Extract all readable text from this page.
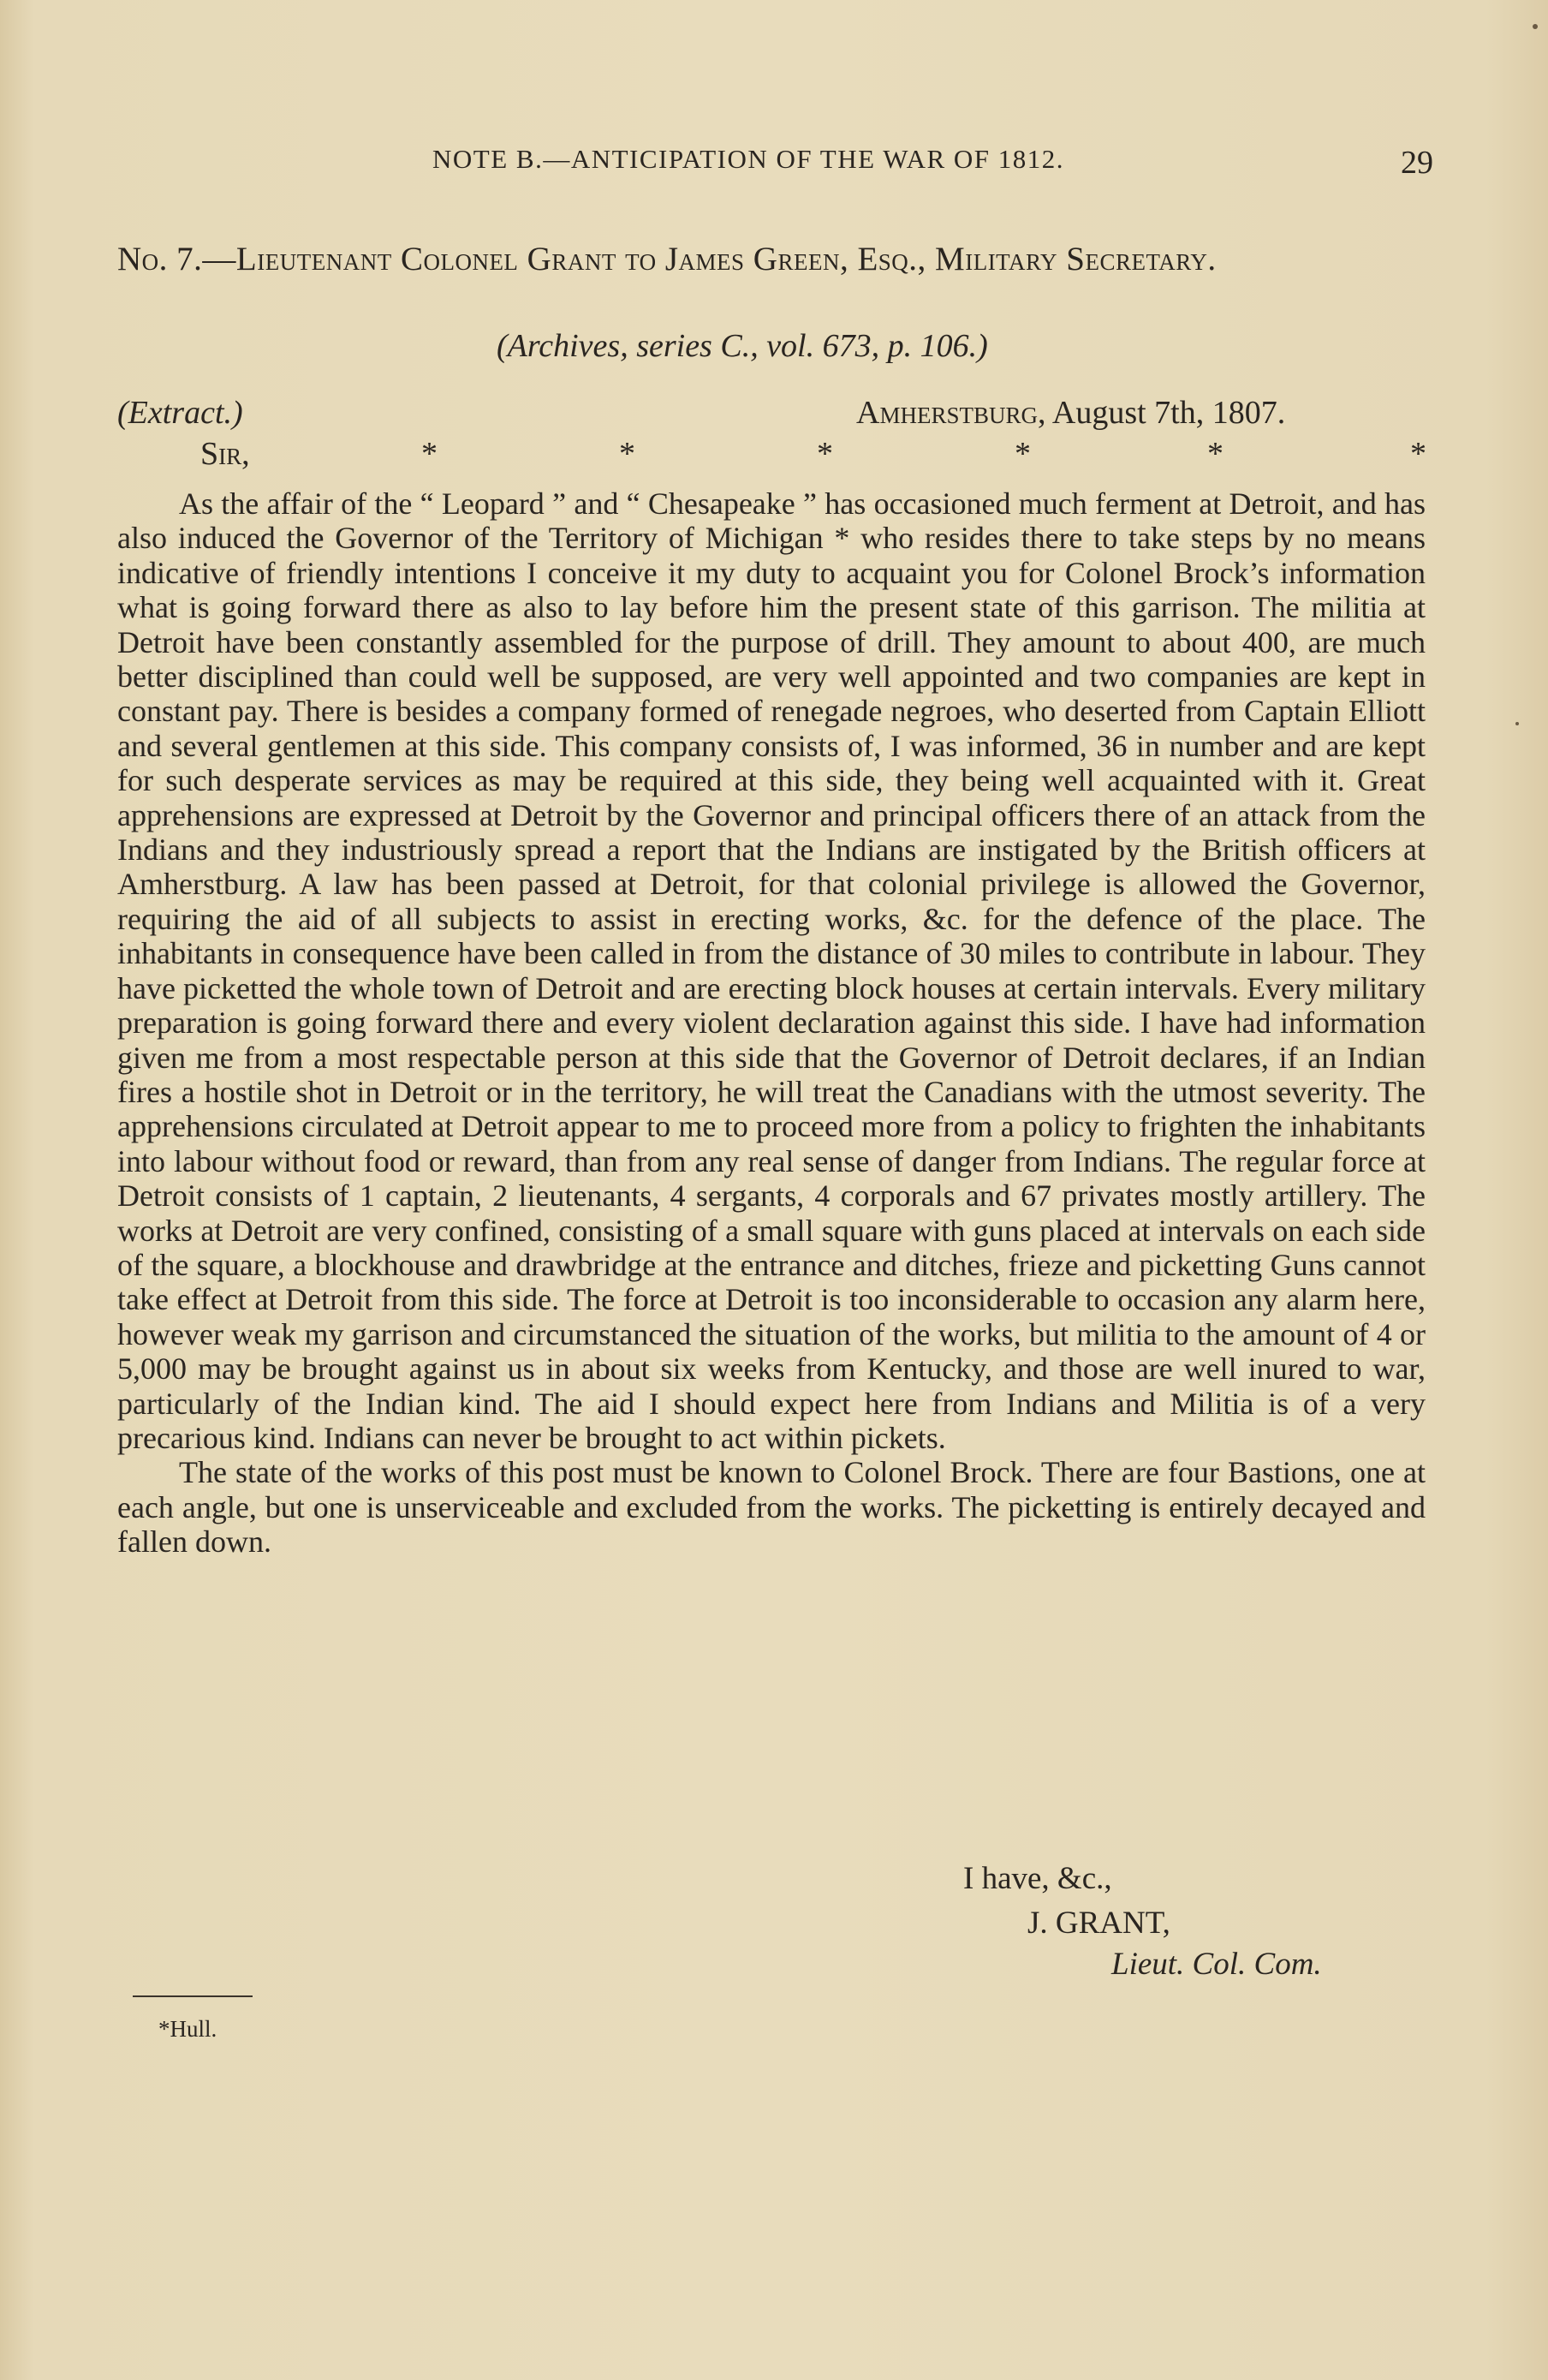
NOTE B.—ANTICIPATION OF THE WAR OF 1812.	29
No. 7.—Lieutenant Colonel Grant to James Green, Esq., Military Secretary.
(Archives, series C., vol. 673, p. 106.)
(Extract.)	Amherstburg, August 7th, 1807.
Sir,	*	*	*	*	*	*

As the affair of the “ Leopard ” and “ Chesapeake ” has occasioned much ferment at Detroit, and has also induced the Governor of the Territory of Michigan * who resides there to take steps by no means indicative of friendly intentions I conceive it my duty to acquaint you for Colonel Brock’s information what is going forward there as also to lay before him the present state of this garrison. The militia at Detroit have been constantly assembled for the purpose of drill. They amount to about 400, are much better disciplined than could well be supposed, are very well appointed and two companies are kept in constant pay. There is besides a company formed of renegade negroes, who deserted from Captain Elliott and several gentlemen at this side. This company consists of, I was informed, 36 in number and are kept for such desperate services as may be required at this side, they being well acquainted with it. Great apprehensions are expressed at Detroit by the Governor and principal officers there of an attack from the Indians and they industriously spread a report that the Indians are instigated by the British officers at Amherstburg. A law has been passed at Detroit, for that colonial privilege is allowed the Governor, requiring the aid of all subjects to assist in erecting works, &c. for the defence of the place. The inhabitants in consequence have been called in from the distance of 30 miles to contribute in labour. They have picketted the whole town of Detroit and are erecting block houses at certain intervals. Every military preparation is going forward there and every violent declaration against this side. I have had information given me from a most respectable person at this side that the Governor of Detroit declares, if an Indian fires a hostile shot in Detroit or in the territory, he will treat the Canadians with the utmost severity. The apprehensions circulated at Detroit appear to me to proceed more from a policy to frighten the inhabitants into labour without food or reward, than from any real sense of danger from Indians. The regular force at Detroit consists of 1 captain, 2 lieutenants, 4 sergants, 4 corporals and 67 privates mostly artillery. The works at Detroit are very confined, consisting of a small square with guns placed at intervals on each side of the square, a blockhouse and drawbridge at the entrance and ditches, frieze and picketting Guns cannot take effect at Detroit from this side. The force at Detroit is too inconsiderable to occasion any alarm here, however weak my garrison and circumstanced the situation of the works, but militia to the amount of 4 or 5,000 may be brought against us in about six weeks from Kentucky, and those are well inured to war, particularly of the Indian kind. The aid I should expect here from Indians and Militia is of a very precarious kind. Indians can never be brought to act within pickets.

The state of the works of this post must be known to Colonel Brock. There are four Bastions, one at each angle, but one is unserviceable and excluded from the works. The picketting is entirely decayed and fallen down.

I have, &c.,
J. GRANT,
Lieut. Col. Com.
*Hull.
